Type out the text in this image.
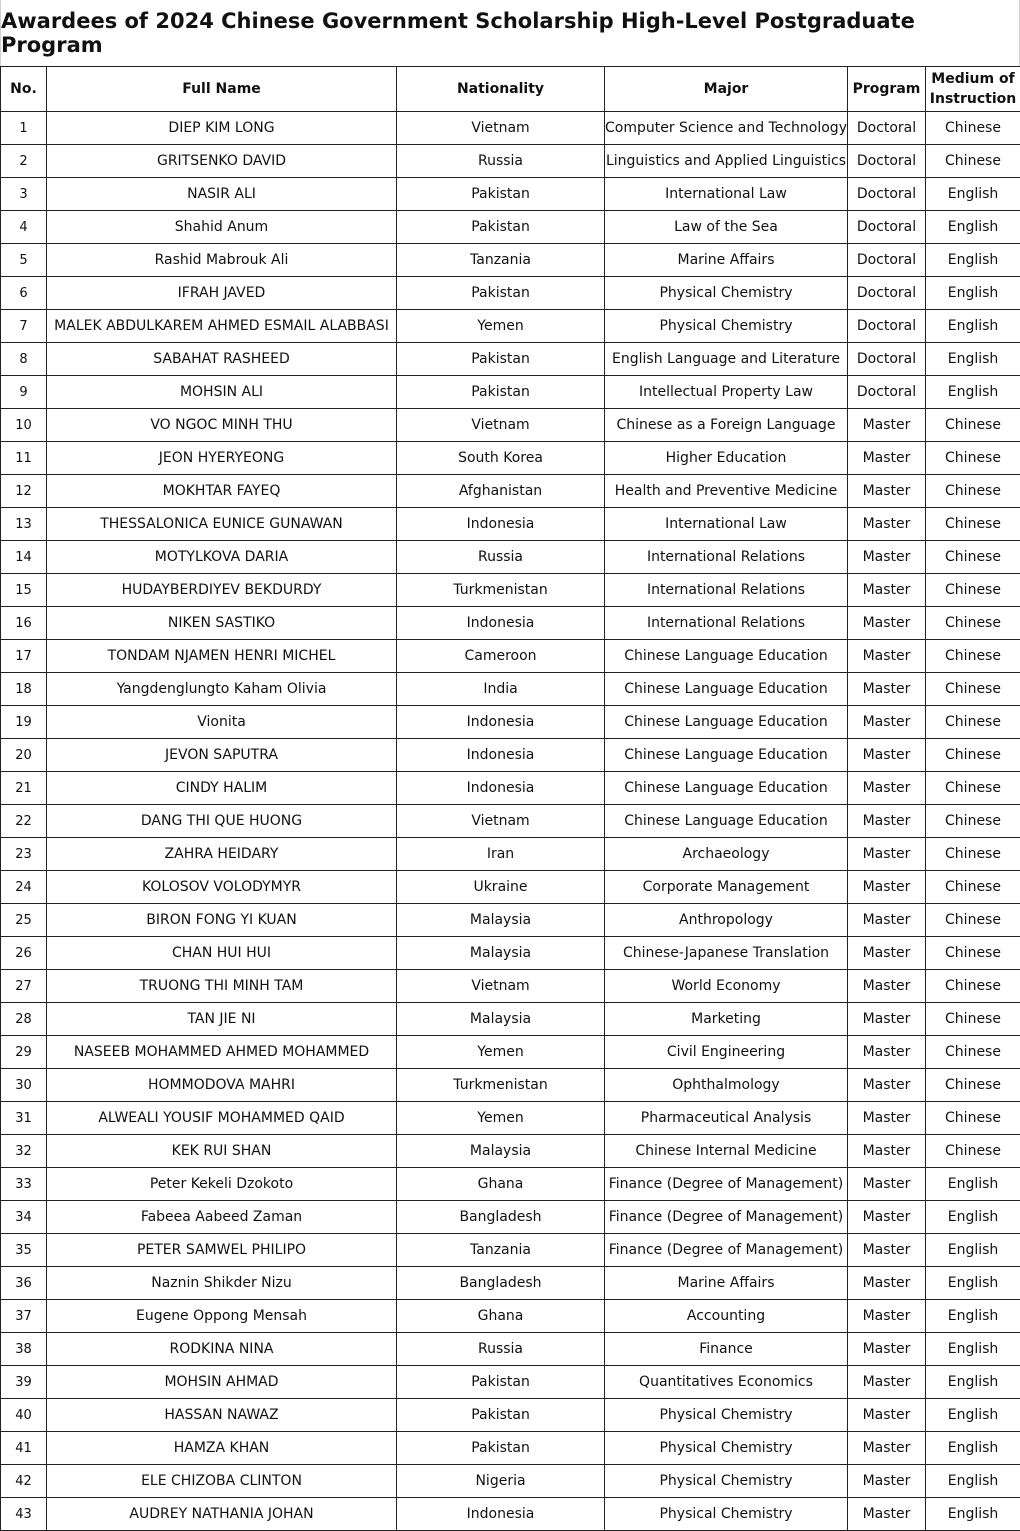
Awardees of 2024 Chinese Government Scholarship High-Level Postgraduate Program
No.	Full Name	Nationality	Major	Program	Medium of Instruction
1	DIEP KIM LONG	Vietnam	Computer Science and Technology	Doctoral	Chinese
2	GRITSENKO DAVID	Russia	Linguistics and Applied Linguistics	Doctoral	Chinese
3	NASIR ALI	Pakistan	International Law	Doctoral	English
4	Shahid Anum	Pakistan	Law of the Sea	Doctoral	English
5	Rashid Mabrouk Ali	Tanzania	Marine Affairs	Doctoral	English
6	IFRAH JAVED	Pakistan	Physical Chemistry	Doctoral	English
7	MALEK ABDULKAREM AHMED ESMAIL ALABBASI	Yemen	Physical Chemistry	Doctoral	English
8	SABAHAT RASHEED	Pakistan	English Language and Literature	Doctoral	English
9	MOHSIN ALI	Pakistan	Intellectual Property Law	Doctoral	English
10	VO NGOC MINH THU	Vietnam	Chinese as a Foreign Language	Master	Chinese
11	JEON HYERYEONG	South Korea	Higher Education	Master	Chinese
12	MOKHTAR FAYEQ	Afghanistan	Health and Preventive Medicine	Master	Chinese
13	THESSALONICA EUNICE GUNAWAN	Indonesia	International Law	Master	Chinese
14	MOTYLKOVA DARIA	Russia	International Relations	Master	Chinese
15	HUDAYBERDIYEV BEKDURDY	Turkmenistan	International Relations	Master	Chinese
16	NIKEN SASTIKO	Indonesia	International Relations	Master	Chinese
17	TONDAM NJAMEN HENRI MICHEL	Cameroon	Chinese Language Education	Master	Chinese
18	Yangdenglungto Kaham Olivia	India	Chinese Language Education	Master	Chinese
19	Vionita	Indonesia	Chinese Language Education	Master	Chinese
20	JEVON SAPUTRA	Indonesia	Chinese Language Education	Master	Chinese
21	CINDY HALIM	Indonesia	Chinese Language Education	Master	Chinese
22	DANG THI QUE HUONG	Vietnam	Chinese Language Education	Master	Chinese
23	ZAHRA HEIDARY	Iran	Archaeology	Master	Chinese
24	KOLOSOV VOLODYMYR	Ukraine	Corporate Management	Master	Chinese
25	BIRON FONG YI KUAN	Malaysia	Anthropology	Master	Chinese
26	CHAN HUI HUI	Malaysia	Chinese-Japanese Translation	Master	Chinese
27	TRUONG THI MINH TAM	Vietnam	World Economy	Master	Chinese
28	TAN JIE NI	Malaysia	Marketing	Master	Chinese
29	NASEEB MOHAMMED AHMED MOHAMMED	Yemen	Civil Engineering	Master	Chinese
30	HOMMODOVA MAHRI	Turkmenistan	Ophthalmology	Master	Chinese
31	ALWEALI YOUSIF MOHAMMED QAID	Yemen	Pharmaceutical Analysis	Master	Chinese
32	KEK RUI SHAN	Malaysia	Chinese Internal Medicine	Master	Chinese
33	Peter Kekeli Dzokoto	Ghana	Finance (Degree of Management)	Master	English
34	Fabeea Aabeed Zaman	Bangladesh	Finance (Degree of Management)	Master	English
35	PETER SAMWEL PHILIPO	Tanzania	Finance (Degree of Management)	Master	English
36	Naznin Shikder Nizu	Bangladesh	Marine Affairs	Master	English
37	Eugene Oppong Mensah	Ghana	Accounting	Master	English
38	RODKINA NINA	Russia	Finance	Master	English
39	MOHSIN AHMAD	Pakistan	Quantitatives Economics	Master	English
40	HASSAN NAWAZ	Pakistan	Physical Chemistry	Master	English
41	HAMZA KHAN	Pakistan	Physical Chemistry	Master	English
42	ELE CHIZOBA CLINTON	Nigeria	Physical Chemistry	Master	English
43	AUDREY NATHANIA JOHAN	Indonesia	Physical Chemistry	Master	English
